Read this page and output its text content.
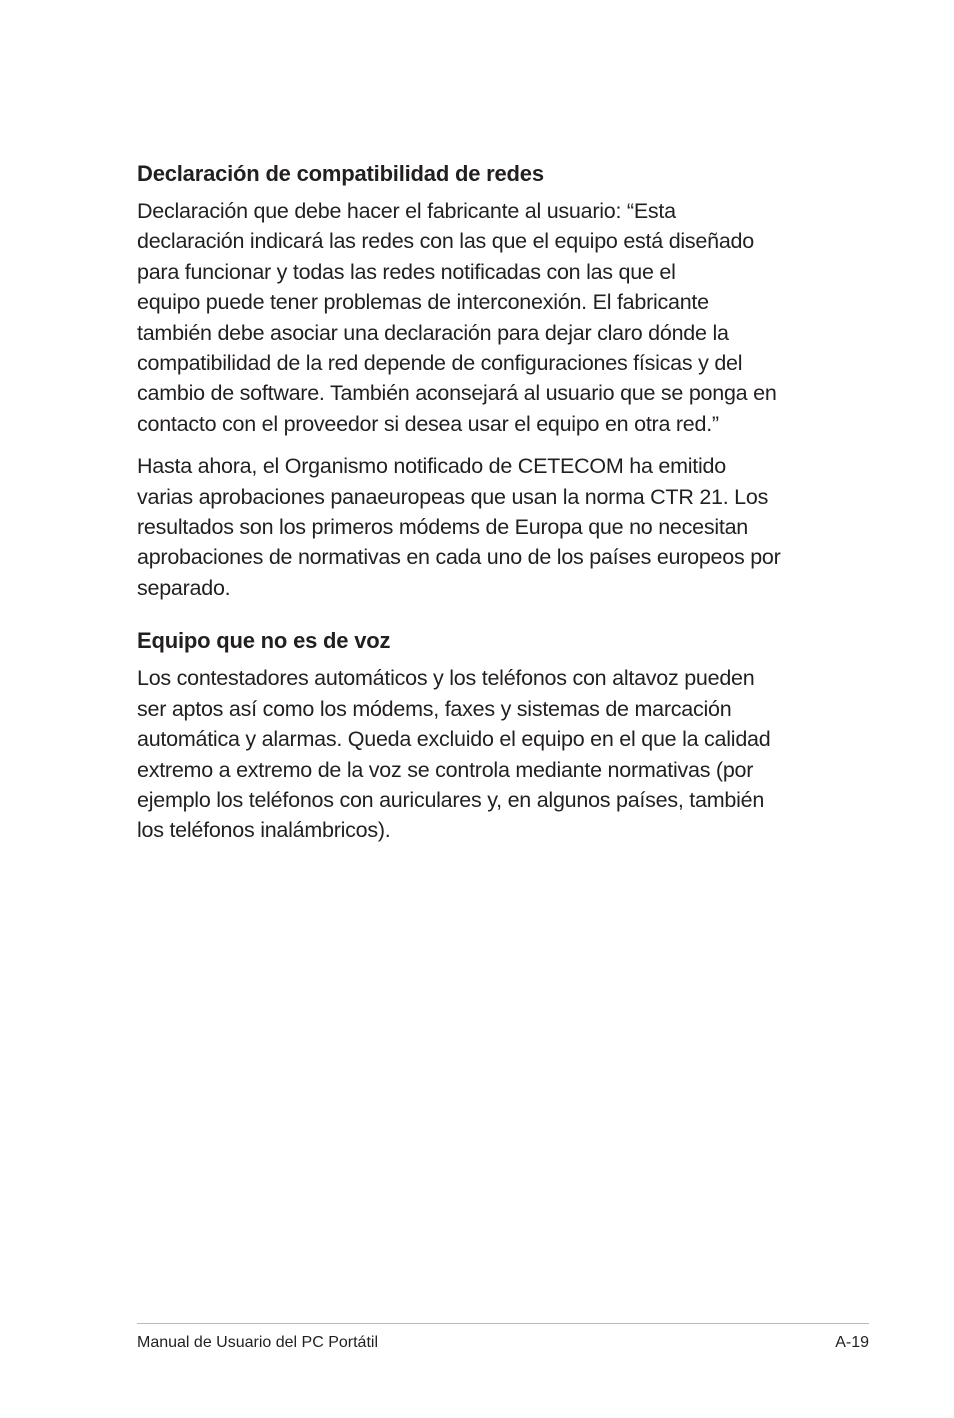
Declaración de compatibilidad de redes

Declaración que debe hacer el fabricante al usuario: “Esta
declaración indicará las redes con las que el equipo está diseñado
para funcionar y todas las redes notificadas con las que el
equipo puede tener problemas de interconexión. El fabricante
también debe asociar una declaración para dejar claro dónde la
compatibilidad de la red depende de configuraciones físicas y del
cambio de software. También aconsejará al usuario que se ponga en
contacto con el proveedor si desea usar el equipo en otra red.”

Hasta ahora, el Organismo notificado de CETECOM ha emitido
varias aprobaciones panaeuropeas que usan la norma CTR 21. Los
resultados son los primeros módems de Europa que no necesitan
aprobaciones de normativas en cada uno de los países europeos por
separado.

Equipo que no es de voz

Los contestadores automáticos y los teléfonos con altavoz pueden
ser aptos así como los módems, faxes y sistemas de marcación
automática y alarmas. Queda excluido el equipo en el que la calidad
extremo a extremo de la voz se controla mediante normativas (por
ejemplo los teléfonos con auriculares y, en algunos países, también
los teléfonos inalámbricos).

Manual de Usuario del PC Portátil	A-19
